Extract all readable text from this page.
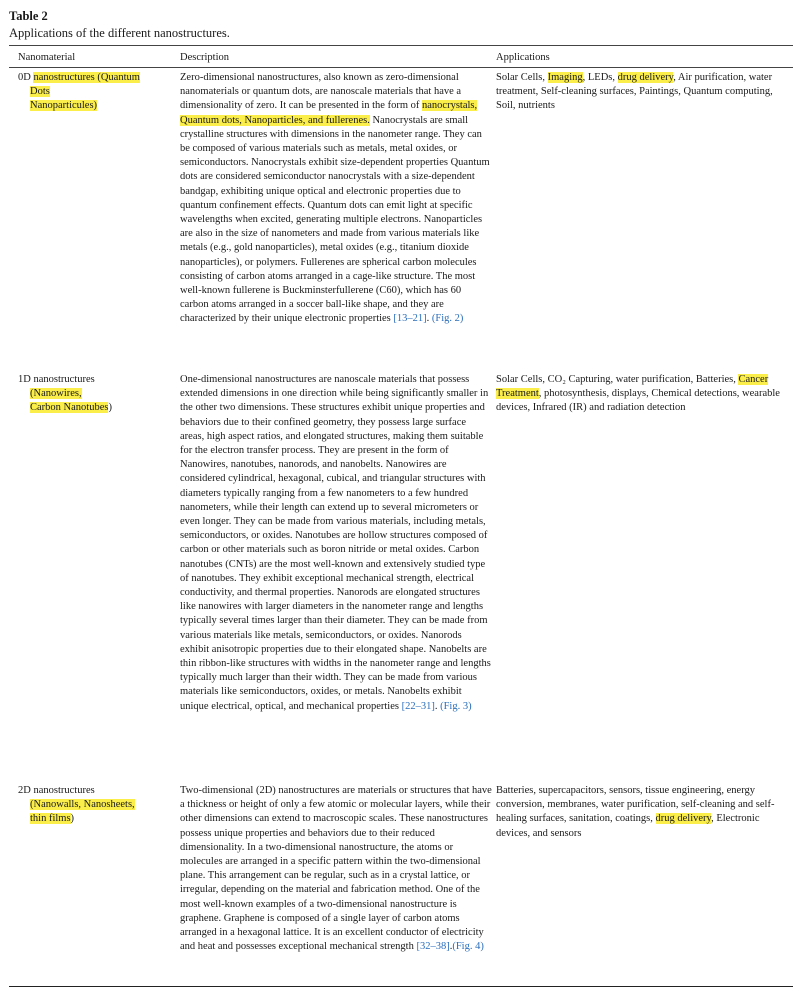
Table 2
Applications of the different nanostructures.
Nanomaterial	Description	Applications
0D nanostructures (Quantum
Dots
Nanoparticules)
Zero-dimensional nanostructures, also known as zero-dimensional nanomaterials or quantum dots, are nanoscale materials that have a dimensionality of zero. It can be presented in the form of nanocrystals, Quantum dots, Nanoparticles, and fullerenes. Nanocrystals are small crystalline structures with dimensions in the nanometer range. They can be composed of various materials such as metals, metal oxides, or semiconductors. Nanocrystals exhibit size-dependent properties Quantum dots are considered semiconductor nanocrystals with a size-dependent bandgap, exhibiting unique optical and electronic properties due to quantum confinement effects. Quantum dots can emit light at specific wavelengths when excited, generating multiple electrons. Nanoparticles are also in the size of nanometers and made from various materials like metals (e.g., gold nanoparticles), metal oxides (e.g., titanium dioxide nanoparticles), or polymers. Fullerenes are spherical carbon molecules consisting of carbon atoms arranged in a cage-like structure. The most well-known fullerene is Buckminsterfullerene (C60), which has 60 carbon atoms arranged in a soccer ball-like shape, and they are characterized by their unique electronic properties [13–21]. (Fig. 2)
Solar Cells, Imaging, LEDs, drug delivery, Air purification, water treatment, Self-cleaning surfaces, Paintings, Quantum computing, Soil, nutrients
1D nanostructures
(Nanowires,
Carbon Nanotubes)
One-dimensional nanostructures are nanoscale materials that possess extended dimensions in one direction while being significantly smaller in the other two dimensions. These structures exhibit unique properties and behaviors due to their confined geometry, they possess large surface areas, high aspect ratios, and elongated structures, making them suitable for the electron transfer process. They are present in the form of Nanowires, nanotubes, nanorods, and nanobelts. Nanowires are considered cylindrical, hexagonal, cubical, and triangular structures with diameters typically ranging from a few nanometers to a few hundred nanometers, while their length can extend up to several micrometers or even longer. They can be made from various materials, including metals, semiconductors, or oxides. Nanotubes are hollow structures composed of carbon or other materials such as boron nitride or metal oxides. Carbon nanotubes (CNTs) are the most well-known and extensively studied type of nanotubes. They exhibit exceptional mechanical strength, electrical conductivity, and thermal properties. Nanorods are elongated structures like nanowires with larger diameters in the nanometer range and lengths typically several times larger than their diameter. They can be made from various materials like metals, semiconductors, or oxides. Nanorods exhibit anisotropic properties due to their elongated shape. Nanobelts are thin ribbon-like structures with widths in the nanometer range and lengths typically much larger than their width. They can be made from various materials like semiconductors, oxides, or metals. Nanobelts exhibit unique electrical, optical, and mechanical properties [22–31]. (Fig. 3)
Solar Cells, CO₂ Capturing, water purification, Batteries, Cancer Treatment, photosynthesis, displays, Chemical detections, wearable devices, Infrared (IR) and radiation detection
2D nanostructures
(Nanowalls, Nanosheets,
thin films)
Two-dimensional (2D) nanostructures are materials or structures that have a thickness or height of only a few atomic or molecular layers, while their other dimensions can extend to macroscopic scales. These nanostructures possess unique properties and behaviors due to their reduced dimensionality. In a two-dimensional nanostructure, the atoms or molecules are arranged in a specific pattern within the two-dimensional plane. This arrangement can be regular, such as in a crystal lattice, or irregular, depending on the material and fabrication method. One of the most well-known examples of a two-dimensional nanostructure is graphene. Graphene is composed of a single layer of carbon atoms arranged in a hexagonal lattice. It is an excellent conductor of electricity and heat and possesses exceptional mechanical strength [32–38].(Fig. 4)
Batteries, supercapacitors, sensors, tissue engineering, energy conversion, membranes, water purification, self-cleaning and self-healing surfaces, sanitation, coatings, drug delivery, Electronic devices, and sensors
